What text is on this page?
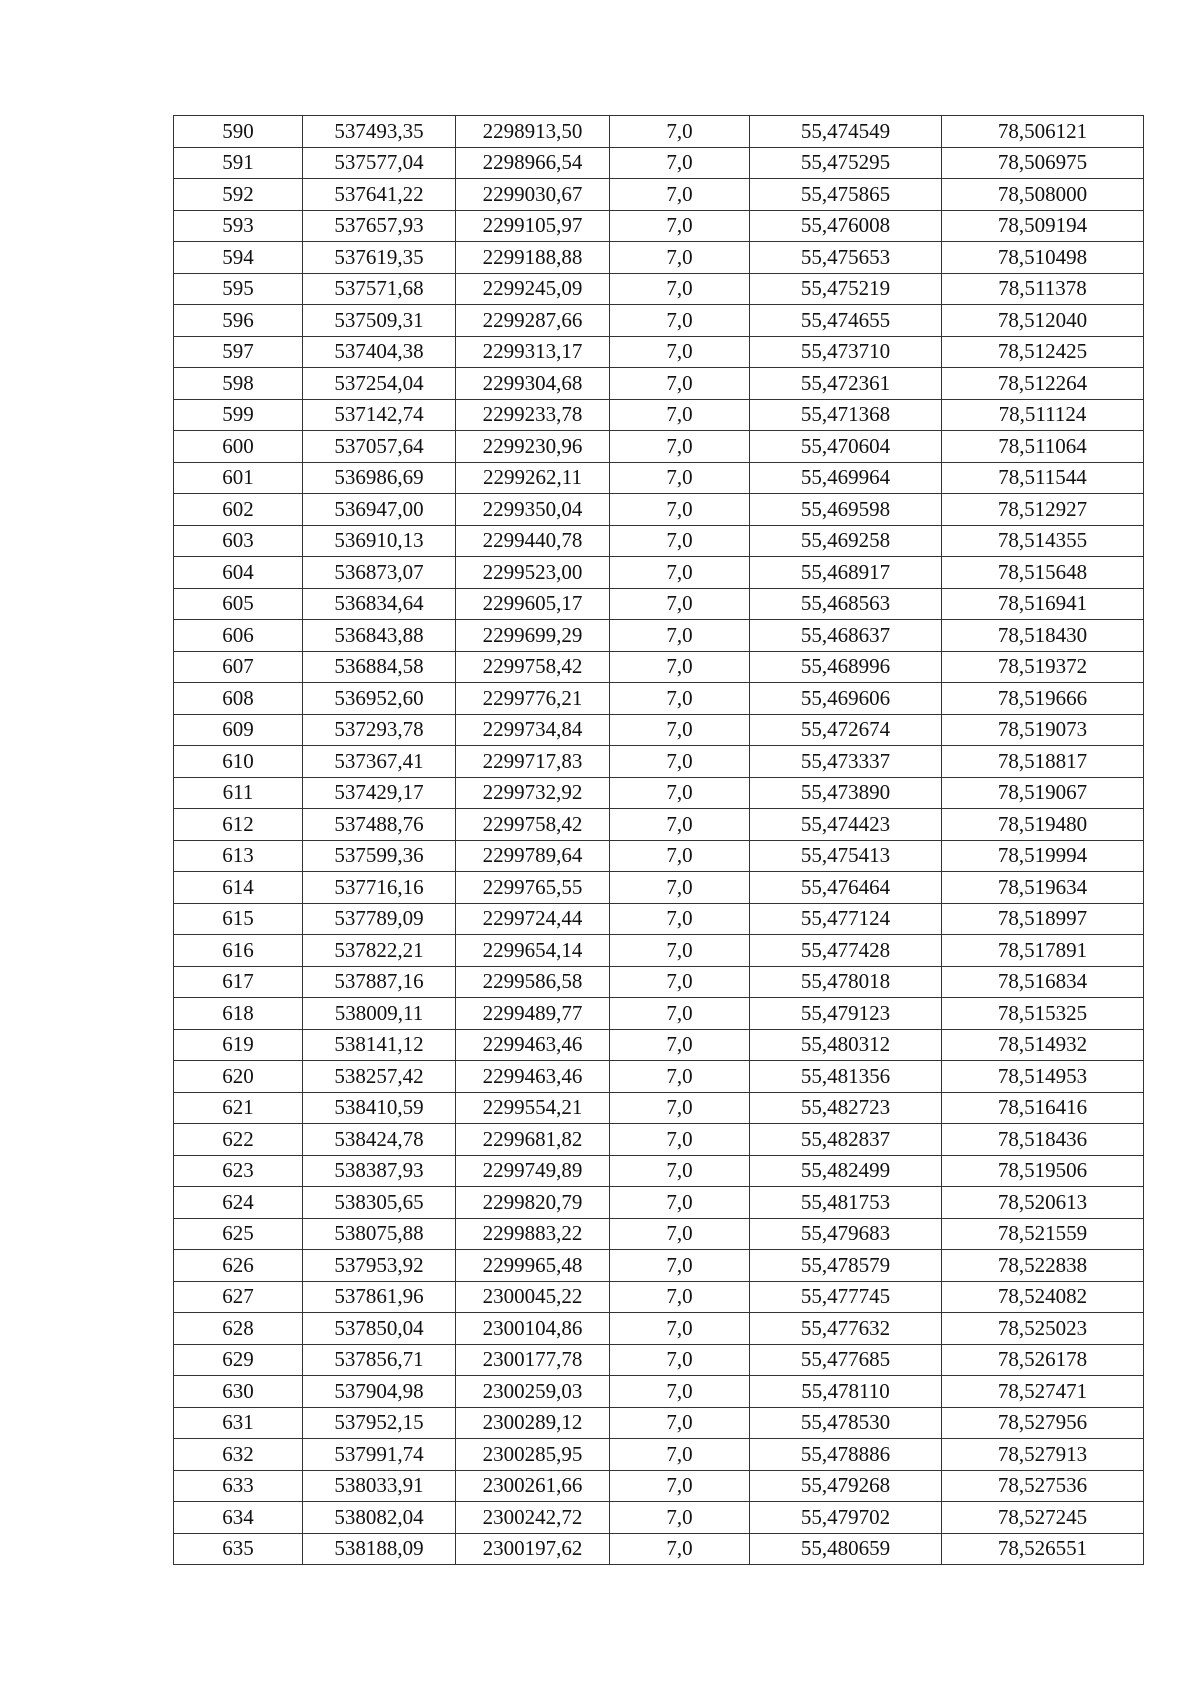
590	537493,35	2298913,50	7,0	55,474549	78,506121
591	537577,04	2298966,54	7,0	55,475295	78,506975
592	537641,22	2299030,67	7,0	55,475865	78,508000
593	537657,93	2299105,97	7,0	55,476008	78,509194
594	537619,35	2299188,88	7,0	55,475653	78,510498
595	537571,68	2299245,09	7,0	55,475219	78,511378
596	537509,31	2299287,66	7,0	55,474655	78,512040
597	537404,38	2299313,17	7,0	55,473710	78,512425
598	537254,04	2299304,68	7,0	55,472361	78,512264
599	537142,74	2299233,78	7,0	55,471368	78,511124
600	537057,64	2299230,96	7,0	55,470604	78,511064
601	536986,69	2299262,11	7,0	55,469964	78,511544
602	536947,00	2299350,04	7,0	55,469598	78,512927
603	536910,13	2299440,78	7,0	55,469258	78,514355
604	536873,07	2299523,00	7,0	55,468917	78,515648
605	536834,64	2299605,17	7,0	55,468563	78,516941
606	536843,88	2299699,29	7,0	55,468637	78,518430
607	536884,58	2299758,42	7,0	55,468996	78,519372
608	536952,60	2299776,21	7,0	55,469606	78,519666
609	537293,78	2299734,84	7,0	55,472674	78,519073
610	537367,41	2299717,83	7,0	55,473337	78,518817
611	537429,17	2299732,92	7,0	55,473890	78,519067
612	537488,76	2299758,42	7,0	55,474423	78,519480
613	537599,36	2299789,64	7,0	55,475413	78,519994
614	537716,16	2299765,55	7,0	55,476464	78,519634
615	537789,09	2299724,44	7,0	55,477124	78,518997
616	537822,21	2299654,14	7,0	55,477428	78,517891
617	537887,16	2299586,58	7,0	55,478018	78,516834
618	538009,11	2299489,77	7,0	55,479123	78,515325
619	538141,12	2299463,46	7,0	55,480312	78,514932
620	538257,42	2299463,46	7,0	55,481356	78,514953
621	538410,59	2299554,21	7,0	55,482723	78,516416
622	538424,78	2299681,82	7,0	55,482837	78,518436
623	538387,93	2299749,89	7,0	55,482499	78,519506
624	538305,65	2299820,79	7,0	55,481753	78,520613
625	538075,88	2299883,22	7,0	55,479683	78,521559
626	537953,92	2299965,48	7,0	55,478579	78,522838
627	537861,96	2300045,22	7,0	55,477745	78,524082
628	537850,04	2300104,86	7,0	55,477632	78,525023
629	537856,71	2300177,78	7,0	55,477685	78,526178
630	537904,98	2300259,03	7,0	55,478110	78,527471
631	537952,15	2300289,12	7,0	55,478530	78,527956
632	537991,74	2300285,95	7,0	55,478886	78,527913
633	538033,91	2300261,66	7,0	55,479268	78,527536
634	538082,04	2300242,72	7,0	55,479702	78,527245
635	538188,09	2300197,62	7,0	55,480659	78,526551
